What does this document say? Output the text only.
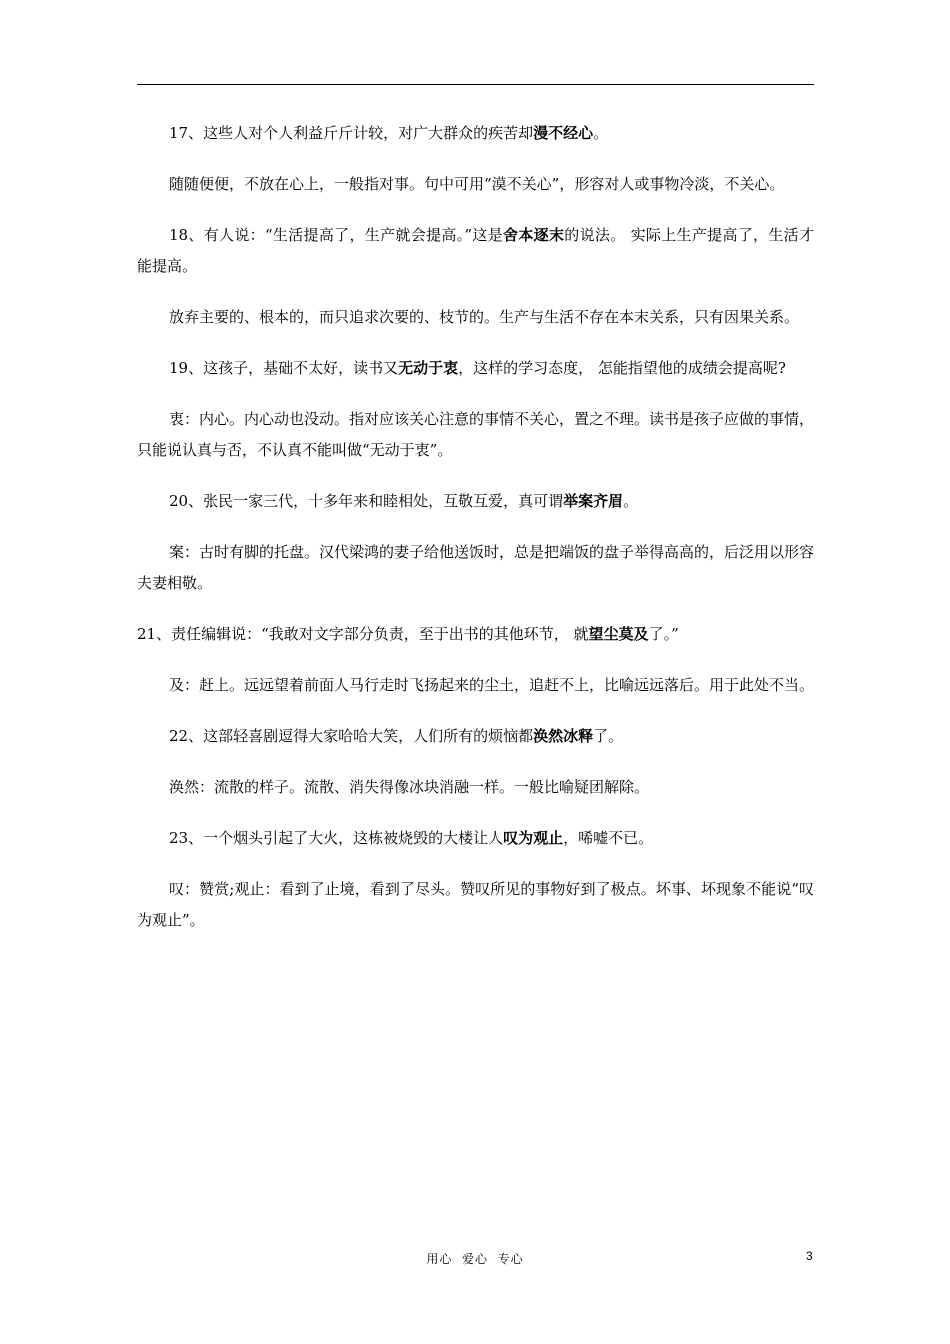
17、这些人对个人利益斤斤计较，对广大群众的疾苦却漫不经心。

随随便便，不放在心上，一般指对事。句中可用“漠不关心”，形容对人或事物冷淡，不关心。

18、有人说：“生活提高了，生产就会提高。”这是舍本逐末的说法。 实际上生产提高了，生活才能提高。

放弃主要的、根本的，而只追求次要的、枝节的。生产与生活不存在本末关系，只有因果关系。

19、这孩子，基础不太好，读书又无动于衷，这样的学习态度， 怎能指望他的成绩会提高呢?

衷：内心。内心动也没动。指对应该关心注意的事情不关心，置之不理。读书是孩子应做的事情，只能说认真与否，不认真不能叫做“无动于衷”。

20、张民一家三代，十多年来和睦相处，互敬互爱，真可谓举案齐眉。

案：古时有脚的托盘。汉代梁鸿的妻子给他送饭时，总是把端饭的盘子举得高高的，后泛用以形容夫妻相敬。

21、责任编辑说：“我敢对文字部分负责，至于出书的其他环节， 就望尘莫及了。”

及：赶上。远远望着前面人马行走时飞扬起来的尘土，追赶不上，比喻远远落后。用于此处不当。

22、这部轻喜剧逗得大家哈哈大笑，人们所有的烦恼都涣然冰释了。

涣然：流散的样子。流散、消失得像冰块消融一样。一般比喻疑团解除。

23、一个烟头引起了大火，这栋被烧毁的大楼让人叹为观止，唏嘘不已。

叹：赞赏;观止：看到了止境，看到了尽头。赞叹所见的事物好到了极点。坏事、坏现象不能说“叹为观止”。

用心  爱心  专心	3
